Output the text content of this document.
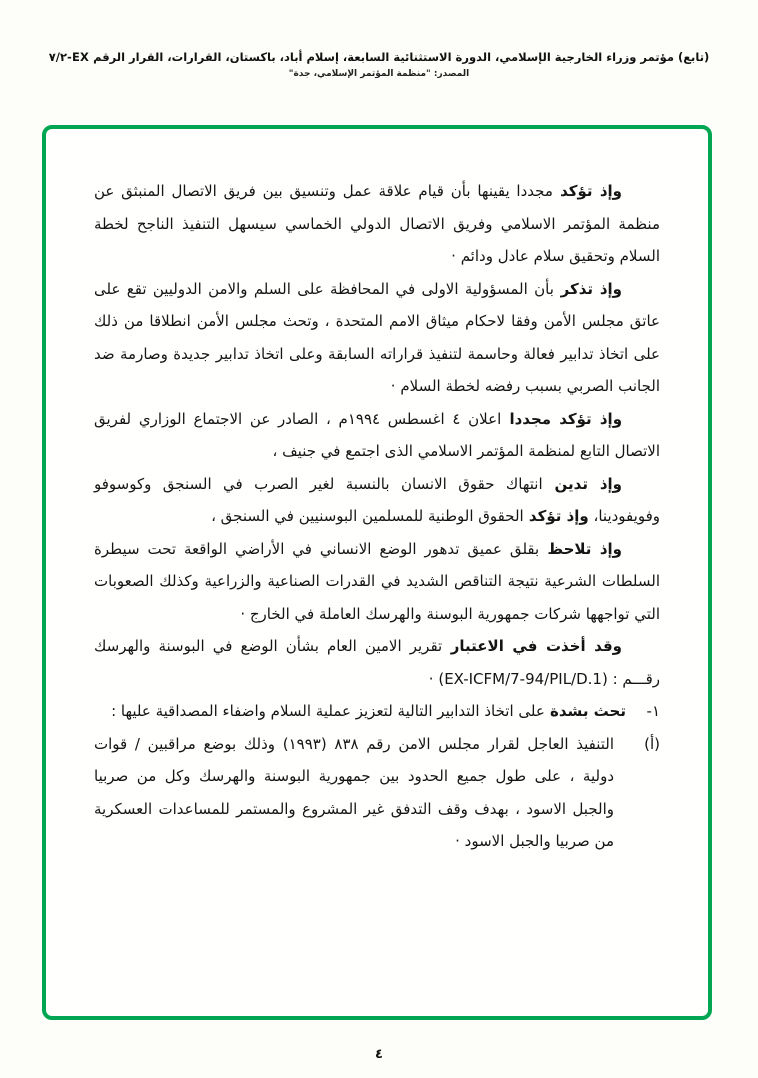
(تابع) مؤتمر وزراء الخارجية الإسلامي، الدورة الاستثنائية السابعة، إسلام أباد، باكستان، القرارات، القرار الرقم ‎EX-٧/٢‎
المصدر: "منظمة المؤتمر الإسلامي، جدة"

وإذ تؤكد مجددا يقينها بأن قيام علاقة عمل وتنسيق بين فريق الاتصال المنبثق عن منظمة المؤتمر الاسلامي وفريق الاتصال الدولي الخماسي سيسهل التنفيذ الناجح لخطة السلام وتحقيق سلام عادل ودائم ·

وإذ تذكر بأن المسؤولية الاولى في المحافظة على السلم والامن الدوليين تقع على عاتق مجلس الأمن وفقا لاحكام ميثاق الامم المتحدة ، وتحث مجلس الأمن انطلاقا من ذلك على اتخاذ تدابير فعالة وحاسمة لتنفيذ قراراته السابقة وعلى اتخاذ تدابير جديدة وصارمة ضد الجانب الصربي بسبب رفضه لخطة السلام ·

وإذ تؤكد مجددا اعلان ٤ اغسطس ١٩٩٤م ، الصادر عن الاجتماع الوزاري لفريق الاتصال التابع لمنظمة المؤتمر الاسلامي الذى اجتمع في جنيف ،

وإذ تدين انتهاك حقوق الانسان بالنسبة لغير الصرب في السنجق وكوسوفو وفويفودينا، وإذ تؤكد الحقوق الوطنية للمسلمين البوسنيين في السنجق ،

وإذ تلاحظ بقلق عميق تدهور الوضع الانساني في الأراضي الواقعة تحت سيطرة السلطات الشرعية نتيجة التناقص الشديد في القدرات الصناعية والزراعية وكذلك الصعوبات التي تواجهها شركات جمهورية البوسنة والهرسك العاملة في الخارج ·

وقد أخذت في الاعتبار تقرير الامين العام بشأن الوضع في البوسنة والهرسك رقـــم : ‎(EX-ICFM/7-94/PIL/D.1)‎ ·

١-تحث بشدة على اتخاذ التدابير التالية لتعزيز عملية السلام واضفاء المصداقية عليها :

(أ)

التنفيذ العاجل لقرار مجلس الامن رقم ٨٣٨ (١٩٩٣) وذلك بوضع مراقبين / قوات دولية ، على طول جميع الحدود بين جمهورية البوسنة والهرسك وكل من صربيا والجبل الاسود ، بهدف وقف التدفق غير المشروع والمستمر للمساعدات العسكرية من صربيا والجبل الاسود ·

٤
